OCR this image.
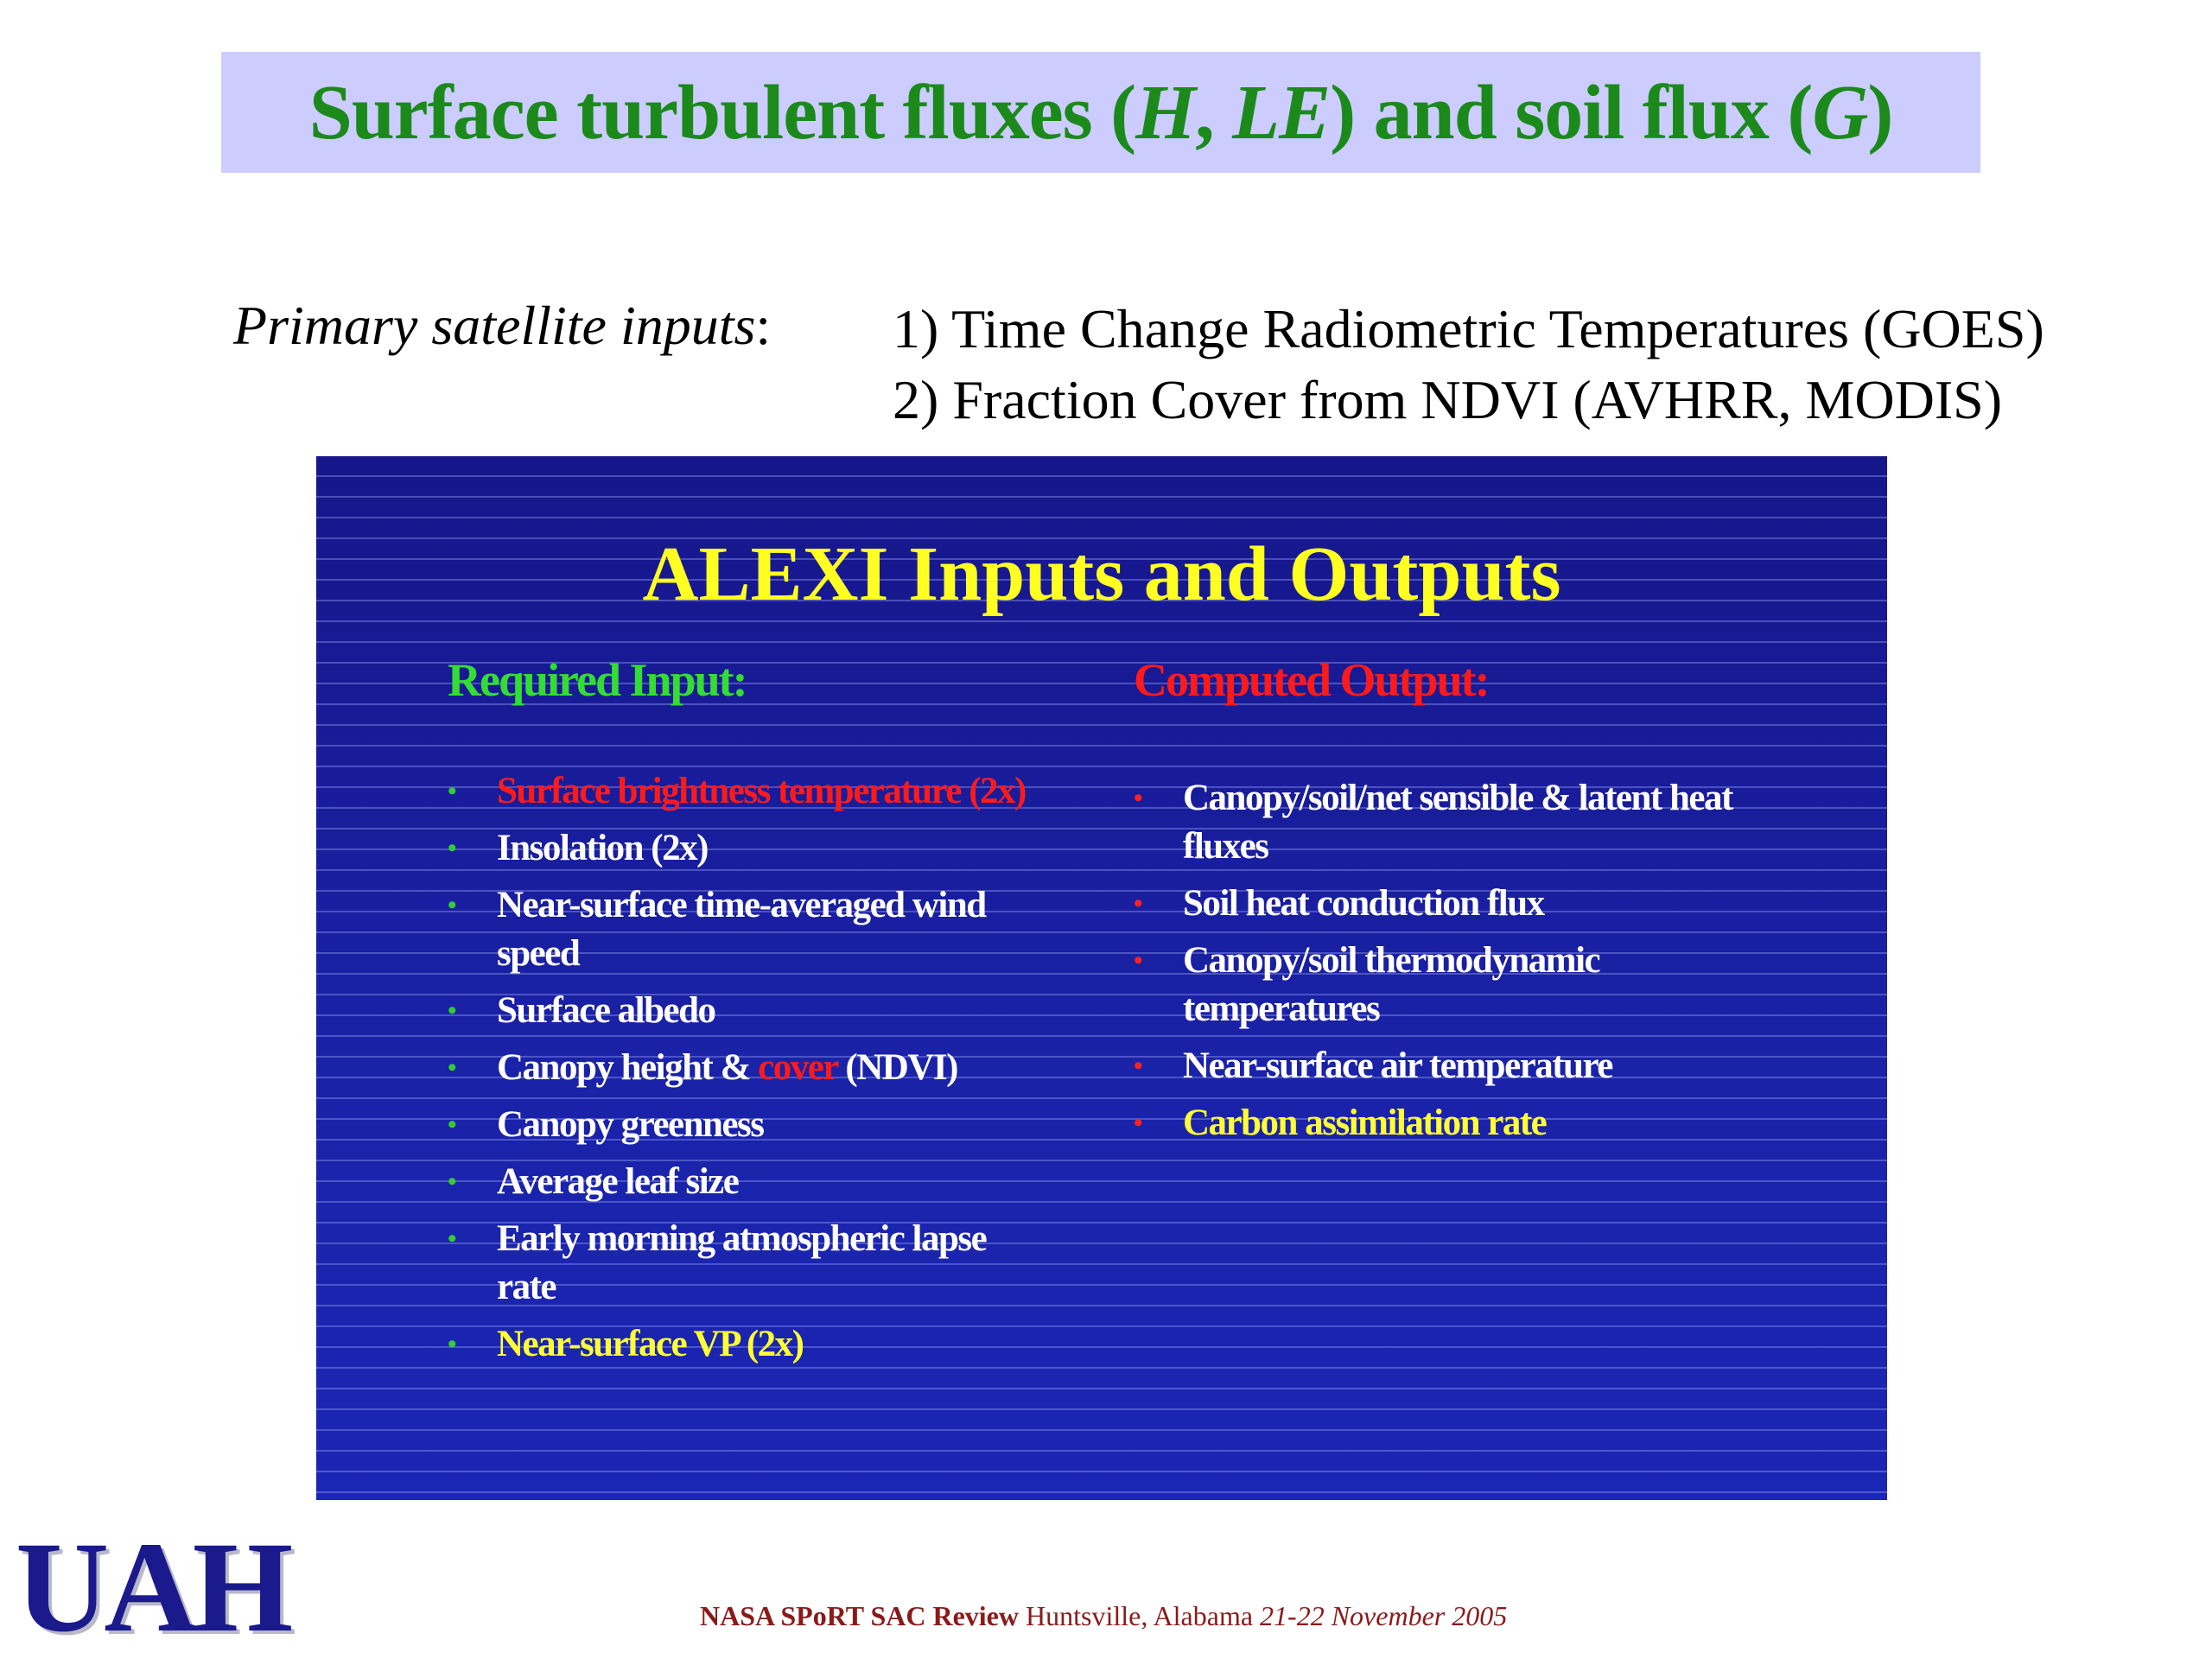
Surface turbulent fluxes (H, LE) and soil flux (G)
Primary satellite inputs: 1) Time Change Radiometric Temperatures (GOES)
2) Fraction Cover from NDVI (AVHRR, MODIS)
ALEXI Inputs and Outputs
Required Input:	Computed Output:
• Surface brightness temperature (2x)
• Insolation (2x)
• Near-surface time-averaged wind speed
• Surface albedo
• Canopy height & cover (NDVI)
• Canopy greenness
• Average leaf size
• Early morning atmospheric lapse rate
• Near-surface VP (2x)
• Canopy/soil/net sensible & latent heat fluxes
• Soil heat conduction flux
• Canopy/soil thermodynamic temperatures
• Near-surface air temperature
• Carbon assimilation rate
UAH	NASA SPoRT SAC Review Huntsville, Alabama 21-22 November 2005
